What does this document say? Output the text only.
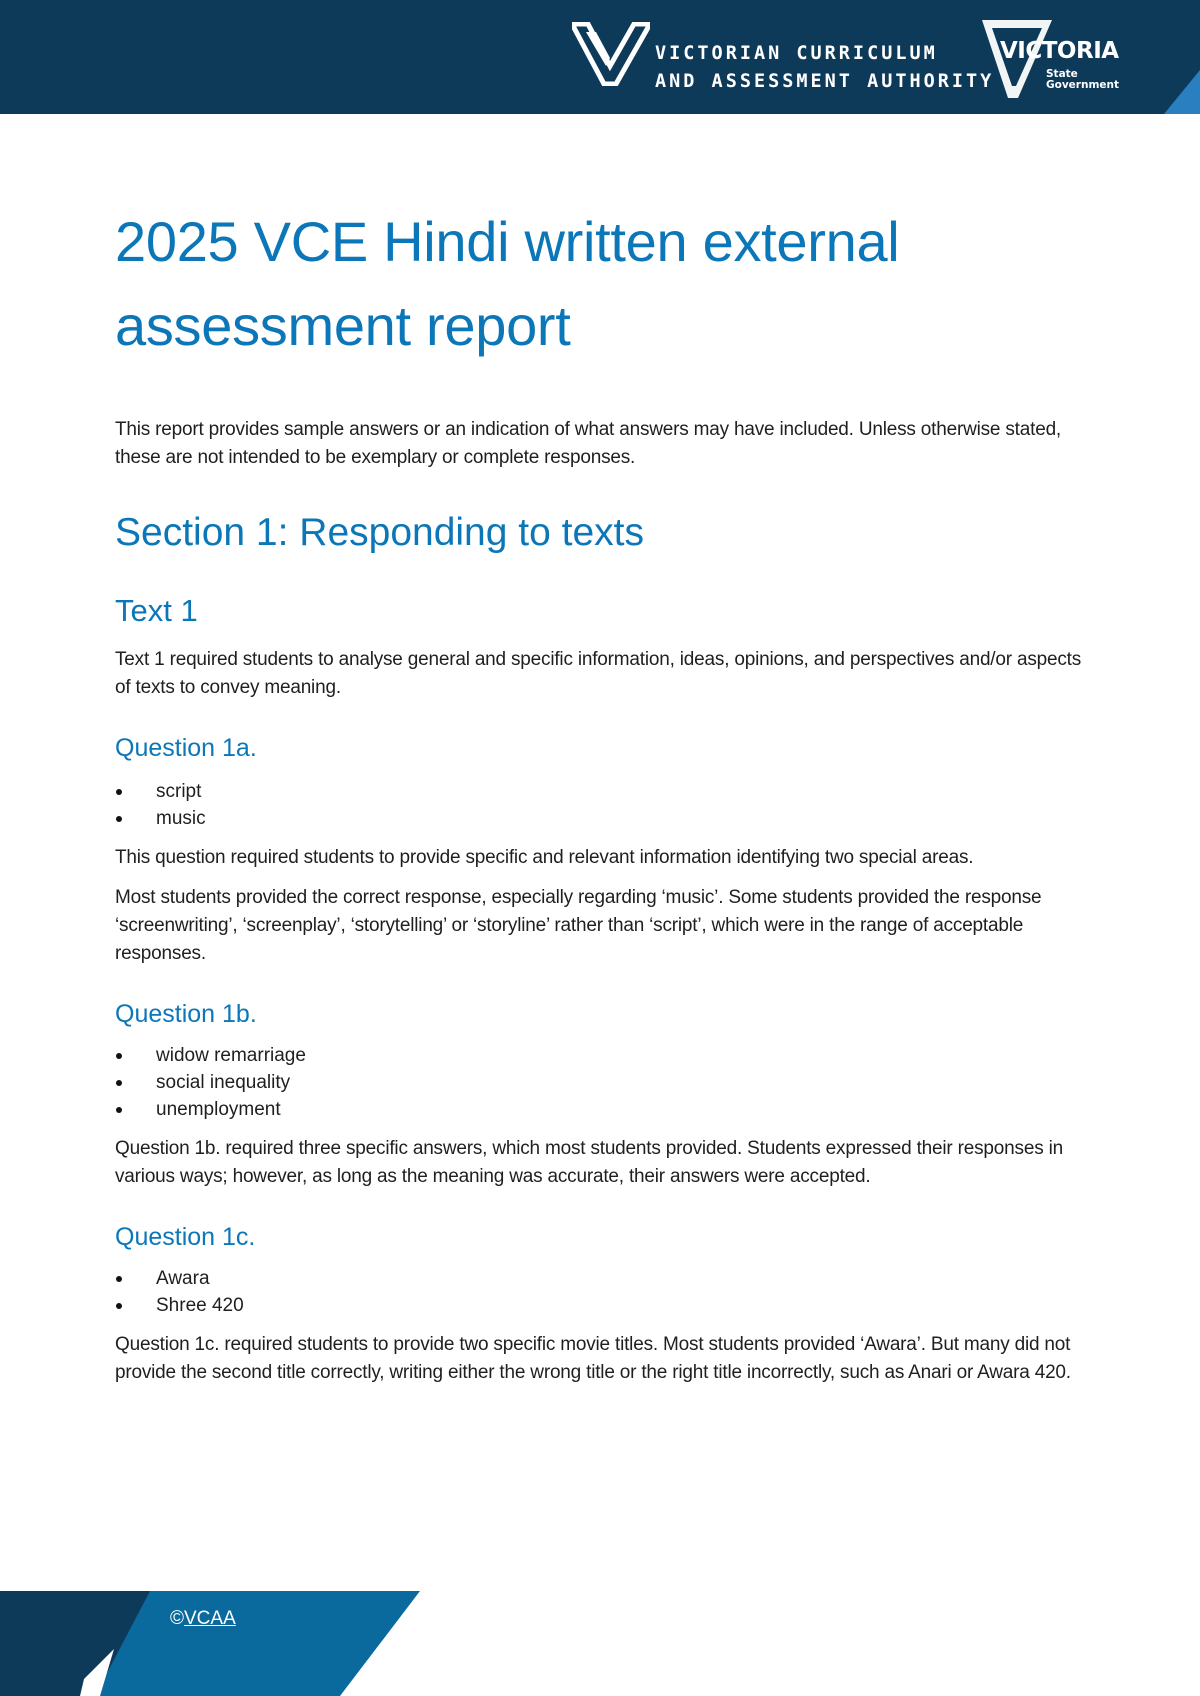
VICTORIAN CURRICULUM
AND ASSESSMENT AUTHORITY
VICTORIA
State
Government
2025 VCE Hindi written external
assessment report

This report provides sample answers or an indication of what answers may have included. Unless otherwise stated, these are not intended to be exemplary or complete responses.

Section 1: Responding to texts
Text 1

Text 1 required students to analyse general and specific information, ideas, opinions, and perspectives and/or aspects of texts to convey meaning.

Question 1a.
script
music

This question required students to provide specific and relevant information identifying two special areas.

Most students provided the correct response, especially regarding ‘music’. Some students provided the response ‘screenwriting’, ‘screenplay’, ‘storytelling’ or ‘storyline’ rather than ‘script’, which were in the range of acceptable responses.

Question 1b.
widow remarriage
social inequality
unemployment

Question 1b. required three specific answers, which most students provided. Students expressed their responses in various ways; however, as long as the meaning was accurate, their answers were accepted.

Question 1c.
Awara
Shree 420

Question 1c. required students to provide two specific movie titles. Most students provided ‘Awara’. But many did not provide the second title correctly, writing either the wrong title or the right title incorrectly, such as Anari or Awara 420.

©VCAA
